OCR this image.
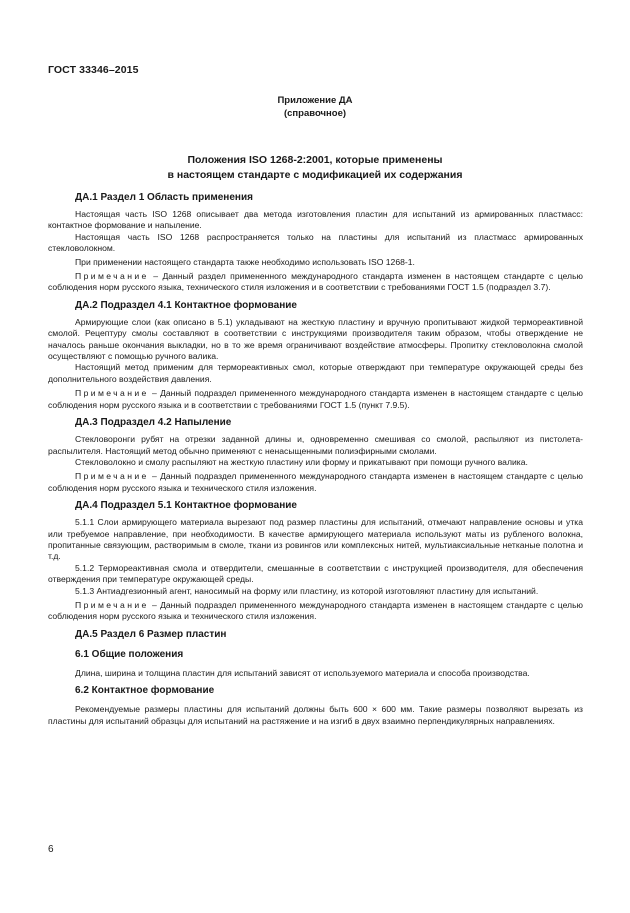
ГОСТ 33346–2015
Приложение ДА
(справочное)
Положения ISO 1268-2:2001, которые применены
в настоящем стандарте с модификацией их содержания
ДА.1 Раздел 1 Область применения

Настоящая часть ISO 1268 описывает два метода изготовления пластин для испытаний из армированных пластмасс: контактное формование и напыление.

Настоящая часть ISO 1268 распространяется только на пластины для испытаний из пластмасс армированных стекловолокном.

При применении настоящего стандарта также необходимо использовать ISO 1268-1.

Примечание – Данный раздел примененного международного стандарта изменен в настоящем стандарте с целью соблюдения норм русского языка, технического стиля изложения и в соответствии с требованиями ГОСТ 1.5 (подраздел 3.7).

ДА.2 Подраздел 4.1 Контактное формование

Армирующие слои (как описано в 5.1) укладывают на жесткую пластину и вручную пропитывают жидкой термореактивной смолой. Рецептуру смолы составляют в соответствии с инструкциями производителя таким образом, чтобы отверждение не началось раньше окончания выкладки, но в то же время ограничивают воздействие атмосферы. Пропитку стекловолокна смолой осуществляют с помощью ручного валика.

Настоящий метод применим для термореактивных смол, которые отверждают при температуре окружающей среды без дополнительного воздействия давления.

Примечание – Данный подраздел примененного международного стандарта изменен в настоящем стандарте с целью соблюдения норм русского языка и в соответствии с требованиями ГОСТ 1.5 (пункт 7.9.5).

ДА.3 Подраздел 4.2 Напыление

Стекловоронги рубят на отрезки заданной длины и, одновременно смешивая со смолой, распыляют из пистолета-распылителя. Настоящий метод обычно применяют с ненасыщенными полиэфирными смолами.

Стекловолокно и смолу распыляют на жесткую пластину или форму и прикатывают при помощи ручного валика.

Примечание – Данный подраздел примененного международного стандарта изменен в настоящем стандарте с целью соблюдения норм русского языка и технического стиля изложения.

ДА.4 Подраздел 5.1 Контактное формование

5.1.1 Слои армирующего материала вырезают под размер пластины для испытаний, отмечают направление основы и утка или требуемое направление, при необходимости. В качестве армирующего материала используют маты из рубленого волокна, пропитанные связующим, растворимым в смоле, ткани из ровингов или комплексных нитей, мультиаксиальные нетканые полотна и т.д.

5.1.2 Термореактивная смола и отвердители, смешанные в соответствии с инструкцией производителя, для обеспечения отверждения при температуре окружающей среды.

5.1.3 Антиадгезионный агент, наносимый на форму или пластину, из которой изготовляют пластину для испытаний.

Примечание – Данный подраздел примененного международного стандарта изменен в настоящем стандарте с целью соблюдения норм русского языка и технического стиля изложения.

ДА.5 Раздел 6 Размер пластин
6.1 Общие положения

Длина, ширина и толщина пластин для испытаний зависят от используемого материала и способа производства.

6.2 Контактное формование

Рекомендуемые размеры пластины для испытаний должны быть 600 × 600 мм. Такие размеры позволяют вырезать из пластины для испытаний образцы для испытаний на растяжение и на изгиб в двух взаимно перпендикулярных направлениях.

6
